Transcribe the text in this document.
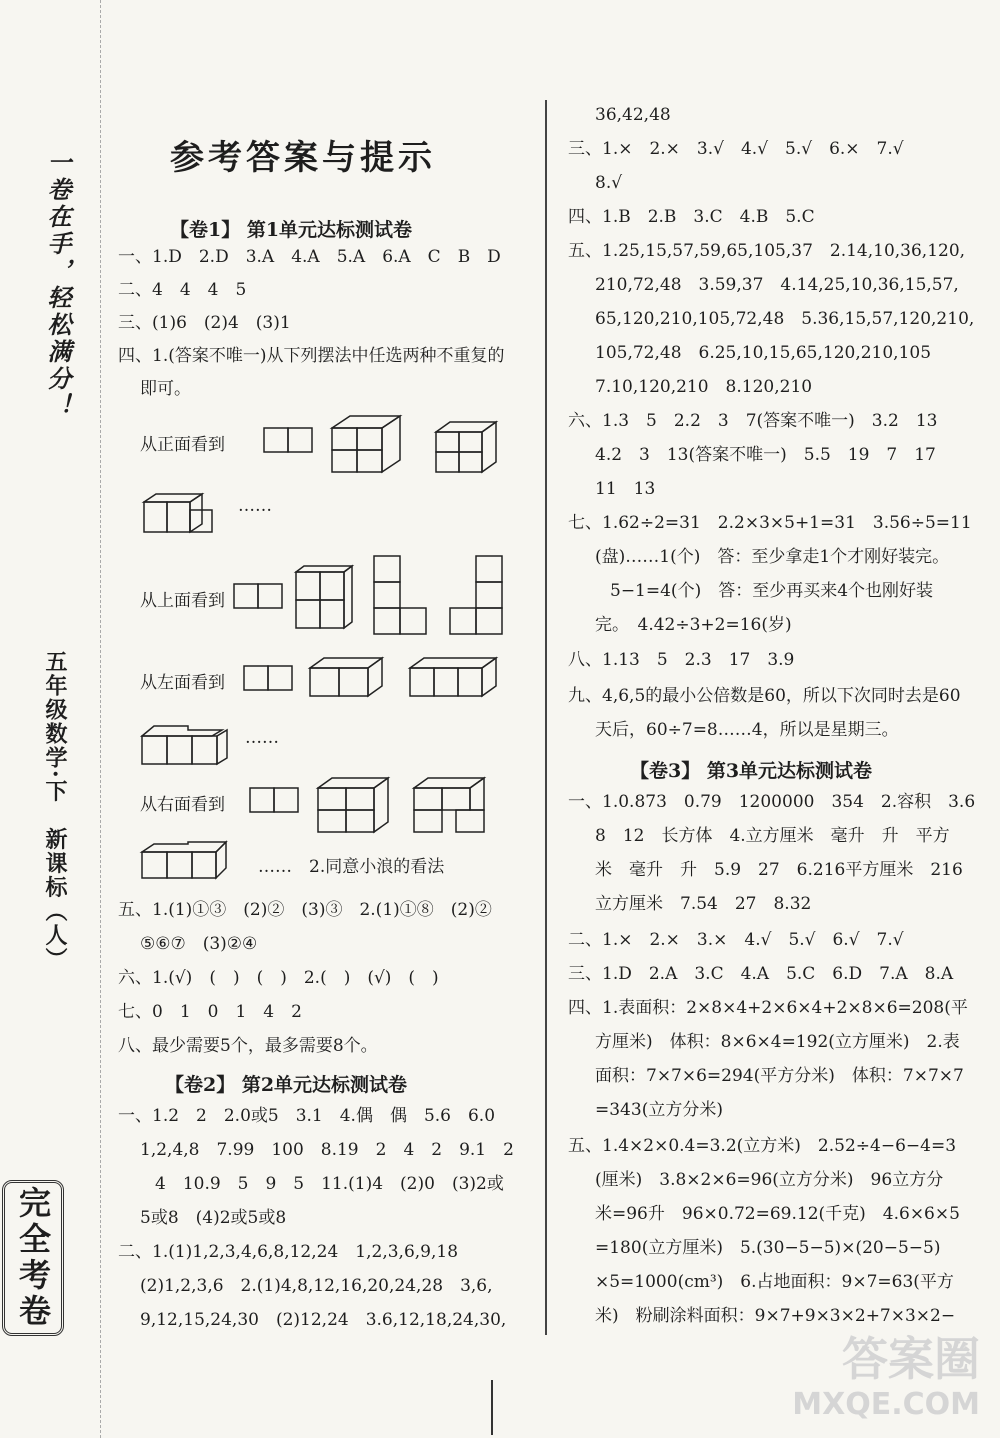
一卷在手，轻松满分！
五年级数学·下　新课标（人）
完全考卷
参考答案与提示
【卷1】 第1单元达标测试卷
一、1.D　2.D　3.A　4.A　5.A　6.A　C　B　D
二、4　4　4　5
三、(1)6　(2)4　(3)1
四、1.(答案不唯一)从下列摆法中任选两种不重复的
即可。
从正面看到
……
从上面看到
从左面看到
……
从右面看到
……　2.同意小浪的看法
五、1.(1)①③　(2)②　(3)③　2.(1)①⑧　(2)②
⑤⑥⑦　(3)②④
六、1.(√)　(　)　(　)　2.(　)　(√)　(　)
七、0　1　0　1　4　2
八、最少需要5个，最多需要8个。
【卷2】 第2单元达标测试卷
一、1.2　2　2.0或5　3.1　4.偶　偶　5.6　6.0
1,2,4,8　7.99　100　8.19　2　4　2　9.1　2
4　10.9　5　9　5　11.(1)4　(2)0　(3)2或
5或8　(4)2或5或8
二、1.(1)1,2,3,4,6,8,12,24　1,2,3,6,9,18
(2)1,2,3,6　2.(1)4,8,12,16,20,24,28　3,6,
9,12,15,24,30　(2)12,24　3.6,12,18,24,30,
36,42,48
三、1.×　2.×　3.√　4.√　5.√　6.×　7.√
8.√
四、1.B　2.B　3.C　4.B　5.C
五、1.25,15,57,59,65,105,37　2.14,10,36,120,
210,72,48　3.59,37　4.14,25,10,36,15,57,
65,120,210,105,72,48　5.36,15,57,120,210,
105,72,48　6.25,10,15,65,120,210,105
7.10,120,210　8.120,210
六、1.3　5　2.2　3　7(答案不唯一)　3.2　13
4.2　3　13(答案不唯一)　5.5　19　7　17
11　13
七、1.62÷2=31　2.2×3×5+1=31　3.56÷5=11
(盘)……1(个)　答：至少拿走1个才刚好装完。
5−1=4(个)　答：至少再买来4个也刚好装
完。　4.42÷3+2=16(岁)
八、1.13　5　2.3　17　3.9
九、4,6,5的最小公倍数是60，所以下次同时去是60
天后，60÷7=8……4，所以是星期三。
【卷3】 第3单元达标测试卷
一、1.0.873　0.79　1200000　354　2.容积　3.6
8　12　长方体　4.立方厘米　毫升　升　平方
米　毫升　升　5.9　27　6.216平方厘米　216
立方厘米　7.54　27　8.32
二、1.×　2.×　3.×　4.√　5.√　6.√　7.√
三、1.D　2.A　3.C　4.A　5.C　6.D　7.A　8.A
四、1.表面积：2×8×4+2×6×4+2×8×6=208(平
方厘米)　体积：8×6×4=192(立方厘米)　2.表
面积：7×7×6=294(平方分米)　体积：7×7×7
=343(立方分米)
五、1.4×2×0.4=3.2(立方米)　2.52÷4−6−4=3
(厘米)　3.8×2×6=96(立方分米)　96立方分
米=96升　96×0.72=69.12(千克)　4.6×6×5
=180(立方厘米)　5.(30−5−5)×(20−5−5)
×5=1000(cm³)　6.占地面积：9×7=63(平方
米)　粉刷涂料面积：9×7+9×3×2+7×3×2−
答案圈
MXQE.COM
